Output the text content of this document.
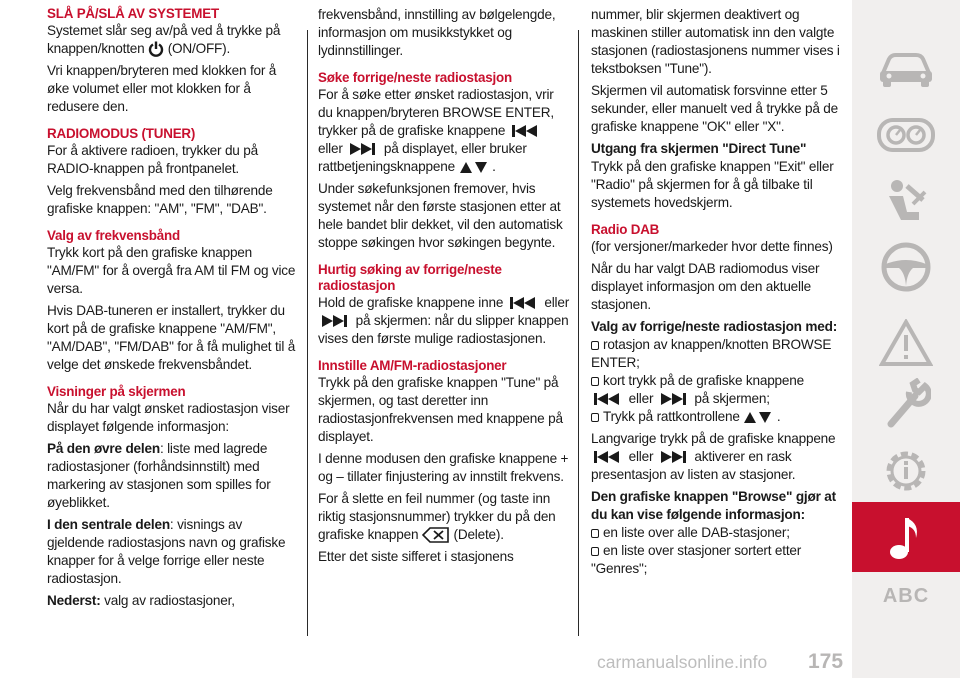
SLÅ PÅ/SLÅ AV SYSTEMET

Systemet slår seg av/på ved å trykke på knappen/knotten (ON/OFF).

Vri knappen/bryteren med klokken for å øke volumet eller mot klokken for å redusere den.

RADIOMODUS (TUNER)

For å aktivere radioen, trykker du på RADIO-knappen på frontpanelet.

Velg frekvensbånd med den tilhørende grafiske knappen: "AM", "FM", "DAB".

Valg av frekvensbånd

Trykk kort på den grafiske knappen "AM/FM" for å overgå fra AM til FM og vice versa.

Hvis DAB-tuneren er installert, trykker du kort på de grafiske knappene "AM/FM", "AM/DAB", "FM/DAB" for å få mulighet til å velge det ønskede frekvensbåndet.

Visninger på skjermen

Når du har valgt ønsket radiostasjon viser displayet følgende informasjon:

På den øvre delen: liste med lagrede radiostasjoner (forhåndsinnstilt) med markering av stasjonen som spilles for øyeblikket.

I den sentrale delen: visnings av gjeldende radiostasjons navn og grafiske knapper for å velge forrige eller neste radiostasjon.

Nederst: valg av radiostasjoner,

frekvensbånd, innstilling av bølgelengde, informasjon om musikkstykket og lydinnstillinger.

Søke forrige/neste radiostasjon

For å søke etter ønsket radiostasjon, vrir du knappen/bryteren BROWSE ENTER, trykker på de grafiske knappene  eller	på displayet, eller bruker rattbetjeningsknappene	.

Under søkefunksjonen fremover, hvis systemet når den første stasjonen etter at hele bandet blir dekket, vil den automatisk stoppe søkingen hvor søkingen begynte.

Hurtig søking av forrige/neste radiostasjon

Hold de grafiske knappene inne	eller  på skjermen: når du slipper knappen vises den første mulige radiostasjonen.

Innstille AM/FM-radiostasjoner

Trykk på den grafiske knappen "Tune" på skjermen, og tast deretter inn radiostasjonfrekvensen med knappene på displayet.

I denne modusen den grafiske knappene + og – tillater finjustering av innstilt frekvens.

For å slette en feil nummer (og taste inn riktig stasjonsnummer) trykker du på den grafiske knappen	(Delete).

Etter det siste sifferet i stasjonens

nummer, blir skjermen deaktivert og maskinen stiller automatisk inn den valgte stasjonen (radiostasjonens nummer vises i tekstboksen "Tune").

Skjermen vil automatisk forsvinne etter 5 sekunder, eller manuelt ved å trykke på de grafiske knappene "OK" eller "X".

Utgang fra skjermen "Direct Tune"

Trykk på den grafiske knappen "Exit" eller "Radio" på skjermen for å gå tilbake til systemets hovedskjerm.

Radio DAB

(for versjoner/markeder hvor dette finnes)

Når du har valgt DAB radiomodus viser displayet informasjon om den aktuelle stasjonen.

Valg av forrige/neste radiostasjon med:

rotasjon av knappen/knotten BROWSE ENTER;
kort trykk på de grafiske knappene
eller	på skjermen;
Trykk på rattkontrollene	.

Langvarige trykk på de grafiske knappene  eller	aktiverer en rask presentasjon av listen av stasjoner.

Den grafiske knappen "Browse" gjør at du kan vise følgende informasjon:

en liste over alle DAB-stasjoner;
en liste over stasjoner sortert etter "Genres";
ABC
175
carmanualsonline.info
